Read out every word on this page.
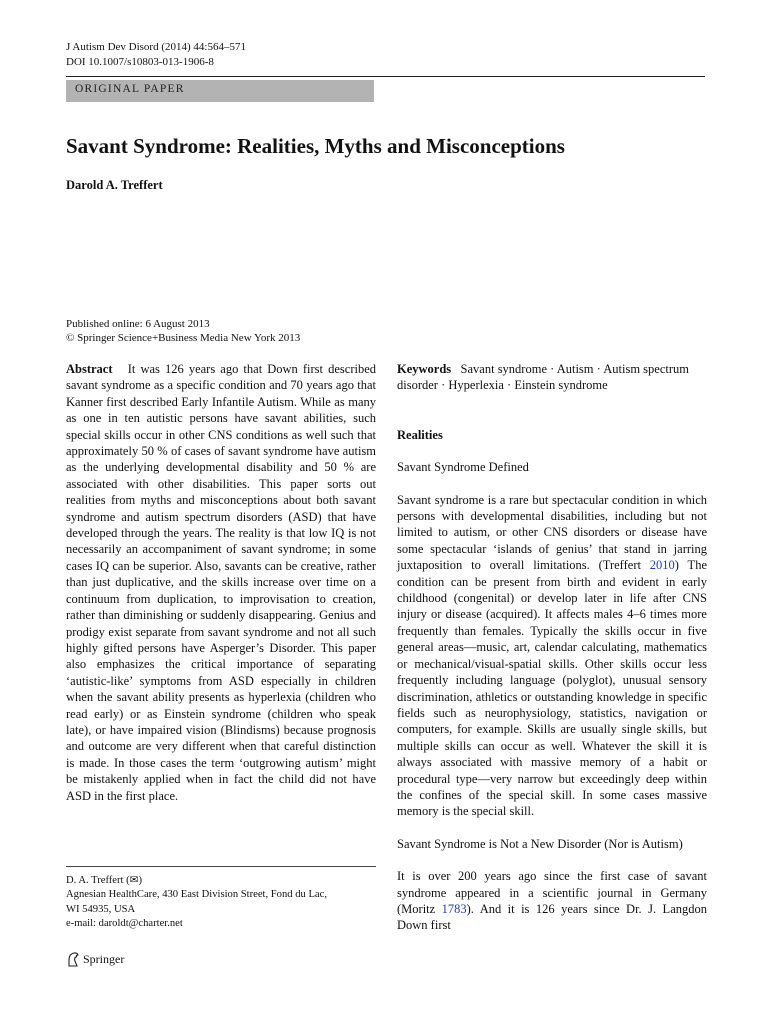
J Autism Dev Disord (2014) 44:564–571
DOI 10.1007/s10803-013-1906-8
ORIGINAL PAPER
Savant Syndrome: Realities, Myths and Misconceptions
Darold A. Treffert
Published online: 6 August 2013
© Springer Science+Business Media New York 2013

Abstract It was 126 years ago that Down first described savant syndrome as a specific condition and 70 years ago that Kanner first described Early Infantile Autism. While as many as one in ten autistic persons have savant abilities, such special skills occur in other CNS conditions as well such that approximately 50 % of cases of savant syndrome have autism as the underlying developmental disability and 50 % are associated with other disabilities. This paper sorts out realities from myths and misconceptions about both savant syndrome and autism spectrum disorders (ASD) that have developed through the years. The reality is that low IQ is not necessarily an accompaniment of savant syndrome; in some cases IQ can be superior. Also, savants can be creative, rather than just duplicative, and the skills increase over time on a continuum from duplication, to improvisation to creation, rather than diminishing or suddenly disappearing. Genius and prodigy exist separate from savant syndrome and not all such highly gifted persons have Asperger’s Disorder. This paper also emphasizes the critical importance of separating ‘autistic-like’ symptoms from ASD especially in children when the savant ability presents as hyperlexia (children who read early) or as Einstein syndrome (children who speak late), or have impaired vision (Blindisms) because prognosis and outcome are very different when that careful distinction is made. In those cases the term ‘outgrowing autism’ might be mistakenly applied when in fact the child did not have ASD in the first place.

Keywords Savant syndrome · Autism · Autism spectrum disorder · Hyperlexia · Einstein syndrome

Realities

Savant Syndrome Defined

Savant syndrome is a rare but spectacular condition in which persons with developmental disabilities, including but not limited to autism, or other CNS disorders or disease have some spectacular ‘islands of genius’ that stand in jarring juxtaposition to overall limitations. (Treffert 2010) The condition can be present from birth and evident in early childhood (congenital) or develop later in life after CNS injury or disease (acquired). It affects males 4–6 times more frequently than females. Typically the skills occur in five general areas—music, art, calendar calculating, mathematics or mechanical/visual-spatial skills. Other skills occur less frequently including language (polyglot), unusual sensory discrimination, athletics or outstanding knowledge in specific fields such as neurophysiology, statistics, navigation or computers, for example. Skills are usually single skills, but multiple skills can occur as well. Whatever the skill it is always associated with massive memory of a habit or procedural type—very narrow but exceedingly deep within the confines of the special skill. In some cases massive memory is the special skill.

Savant Syndrome is Not a New Disorder (Nor is Autism)

It is over 200 years ago since the first case of savant syndrome appeared in a scientific journal in Germany (Moritz 1783). And it is 126 years since Dr. J. Langdon Down first

D. A. Treffert (✉)
Agnesian HealthCare, 430 East Division Street, Fond du Lac,
WI 54935, USA
e-mail: daroldt@charter.net
Springer
